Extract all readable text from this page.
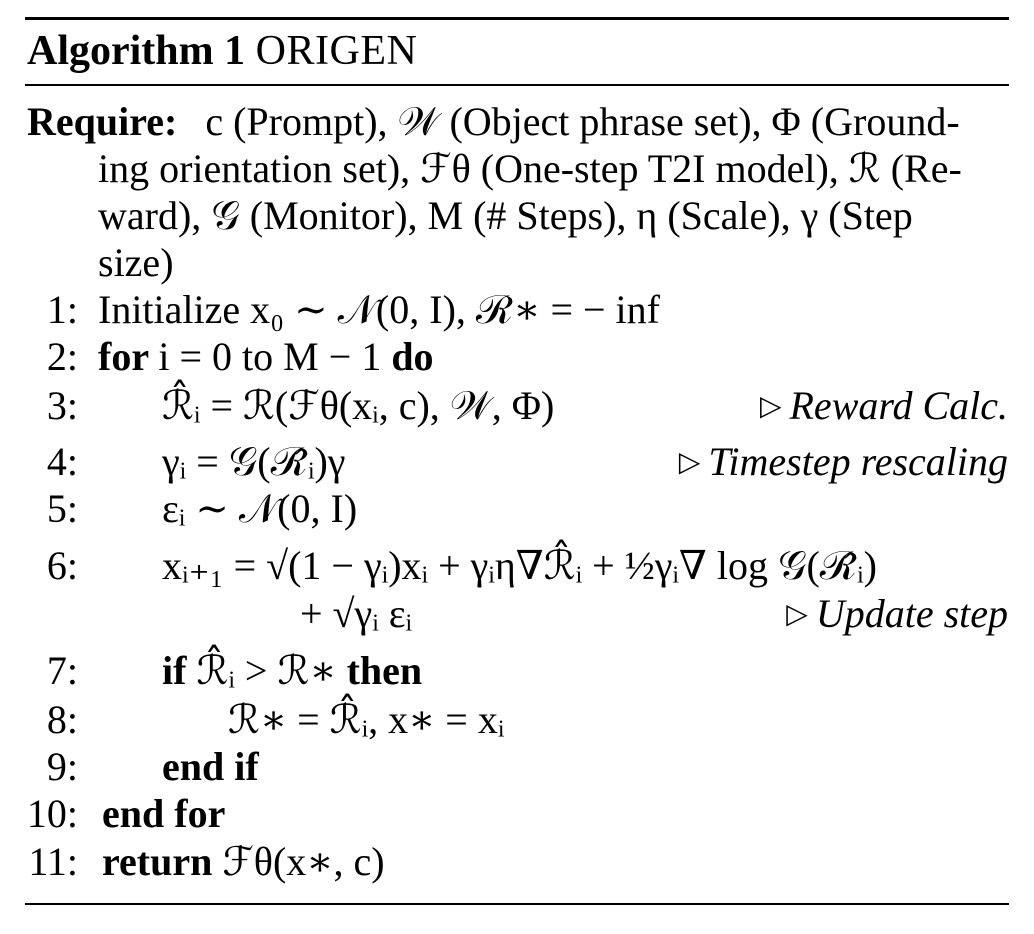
Algorithm 1 ORIGEN
Require: c (Prompt), 𝒲 (Object phrase set), Φ (Ground-
ing orientation set), ℱθ (One-step T2I model), ℛ (Re-
ward), 𝒢 (Monitor), M (# Steps), η (Scale), γ (Step
size)
1: Initialize x₀ ∼ 𝒩(0, I), ℛ∗ = − inf
2: for i = 0 to M − 1 do
3: ℛ̂ᵢ = ℛ(ℱθ(xᵢ, c), 𝒲, Φ)	▷ Reward Calc.
4: γᵢ = 𝒢(ℛ̂ᵢ)γ	▷ Timestep rescaling
5: εᵢ ∼ 𝒩(0, I)
6: xᵢ₊₁ = √(1 − γᵢ)xᵢ + γᵢη∇ℛ̂ᵢ + ½γᵢ∇ log 𝒢(ℛ̂ᵢ)
+ √γᵢ εᵢ	▷ Update step
7: if ℛ̂ᵢ > ℛ∗ then
8:	ℛ∗ = ℛ̂ᵢ, x∗ = xᵢ
9: end if
10: end for
11: return ℱθ(x∗, c)
